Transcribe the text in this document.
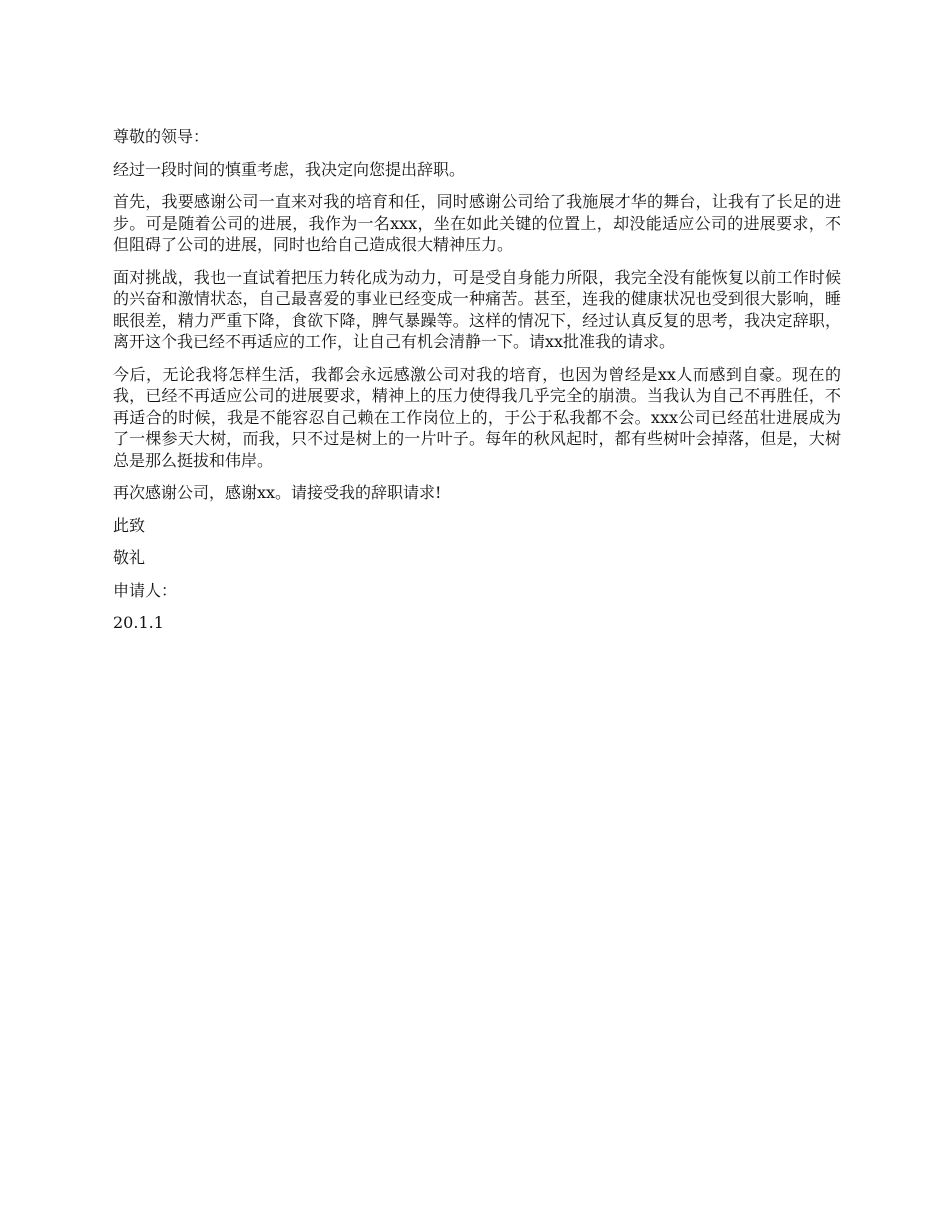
尊敬的领导：

经过一段时间的慎重考虑，我决定向您提出辞职。

首先，我要感谢公司一直来对我的培育和任，同时感谢公司给了我施展才华的舞台，让我有了长足的进步。可是随着公司的进展，我作为一名xxx，坐在如此关键的位置上，却没能适应公司的进展要求，不但阻碍了公司的进展，同时也给自己造成很大精神压力。

面对挑战，我也一直试着把压力转化成为动力，可是受自身能力所限，我完全没有能恢复以前工作时候的兴奋和激情状态，自己最喜爱的事业已经变成一种痛苦。甚至，连我的健康状况也受到很大影响，睡眠很差，精力严重下降，食欲下降，脾气暴躁等。这样的情况下，经过认真反复的思考，我决定辞职，离开这个我已经不再适应的工作，让自己有机会清静一下。请xx批准我的请求。

今后，无论我将怎样生活，我都会永远感激公司对我的培育，也因为曾经是xx人而感到自豪。现在的我，已经不再适应公司的进展要求，精神上的压力使得我几乎完全的崩溃。当我认为自己不再胜任，不再适合的时候，我是不能容忍自己赖在工作岗位上的，于公于私我都不会。xxx公司已经茁壮进展成为了一棵参天大树，而我，只不过是树上的一片叶子。每年的秋风起时，都有些树叶会掉落，但是，大树总是那么挺拔和伟岸。

再次感谢公司，感谢xx。请接受我的辞职请求!

此致

敬礼

申请人：

20.1.1
